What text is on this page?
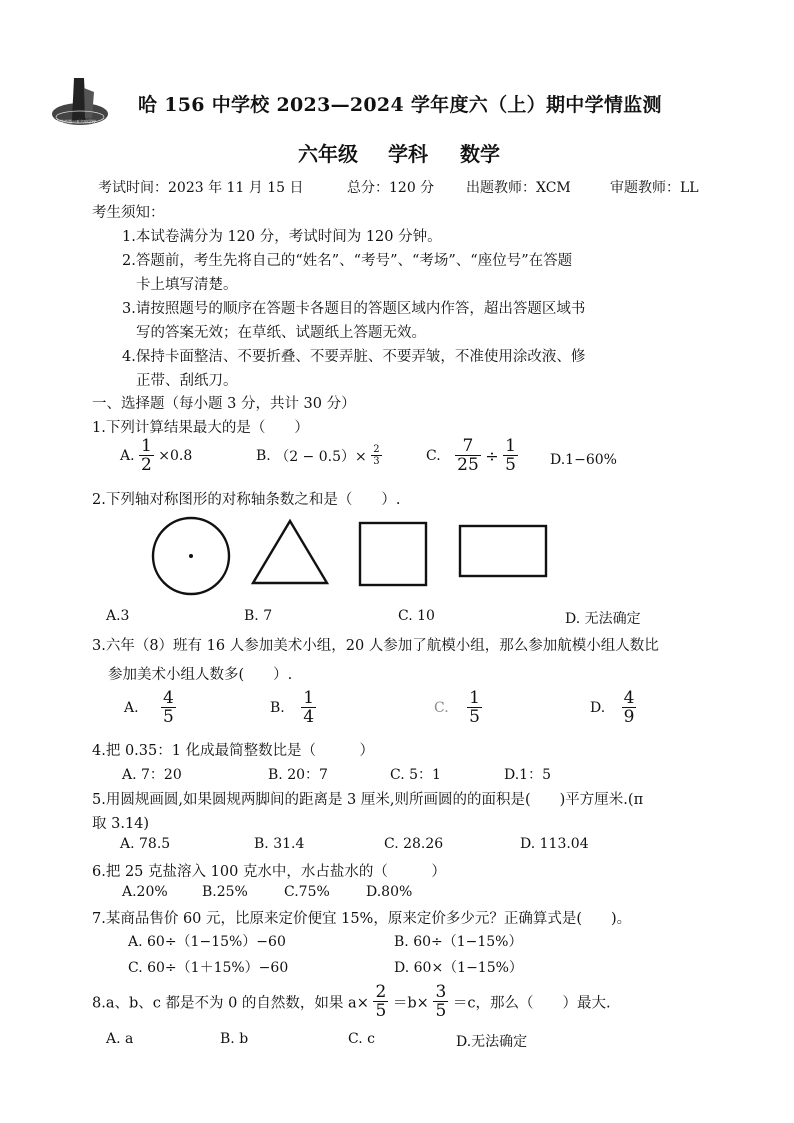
哈尔滨市第一五六中学校
哈 156 中学校 2023—2024 学年度六（上）期中学情监测
六年级 学科 数学
考试时间：2023 年 11 月 15 日	总分：120 分 出题教师：XCM	审题教师：LL
考生须知：
1.本试卷满分为 120 分，考试时间为 120 分钟。
2.答题前，考生先将自己的“姓名”、“考号”、“考场”、“座位号”在答题
卡上填写清楚。
3.请按照题号的顺序在答题卡各题目的答题区域内作答，超出答题区域书
写的答案无效；在草纸、试题纸上答题无效。
4.保持卡面整洁、不要折叠、不要弄脏、不要弄皱，不准使用涂改液、修
正带、刮纸刀。
一、选择题（每小题 3 分，共计 30 分）
1.下列计算结果最大的是（　　）
A. $\frac{1}{2} \times 0.8$	B. $(2 - 0.5)\times \frac{2}{3}$	C. $\frac{7}{25} \div \frac{1}{5} D.1-60\%$
2.下列轴对称图形的对称轴条数之和是（　　）.
A.3	B. 7	C. 10	D. 无法确定
3.六年（8）班有 16 人参加美术小组，20 人参加了航模小组，那么参加航模小组人数比
参加美术小组人数多(　　）.
A. $\frac{4}{5}$	B. $\frac{1}{4}$	C. $\frac{1}{5}$	D. $\frac{4}{9}$
4.把 0.35：1 化成最简整数比是（　　　）
A. 7：20	B. 20：7	C. 5：1	D.1：5
5.用圆规画圆,如果圆规两脚间的距离是 3 厘米,则所画圆的的面积是(　　)平方厘米.(π
取 3.14)
A. 78.5	B. 31.4	C. 28.26	D. 113.04
6.把 25 克盐溶入 100 克水中，水占盐水的（　　　）
A.20% B.25%	C.75%	D.80%
7.某商品售价 60 元，比原来定价便宜 15%，原来定价多少元？正确算式是(　　)。
A. 60÷（1−15%）−60	B. 60÷（1−15%）
C. 60÷（1＋15%）−60	D. 60×（1−15%）
8.a、b、c 都是不为 0 的自然数，如果 $a\times \frac{2}{5} =b\times \frac{3}{5} =c$，那么（　　）最大.
A. a	B. b	C. c	D.无法确定
